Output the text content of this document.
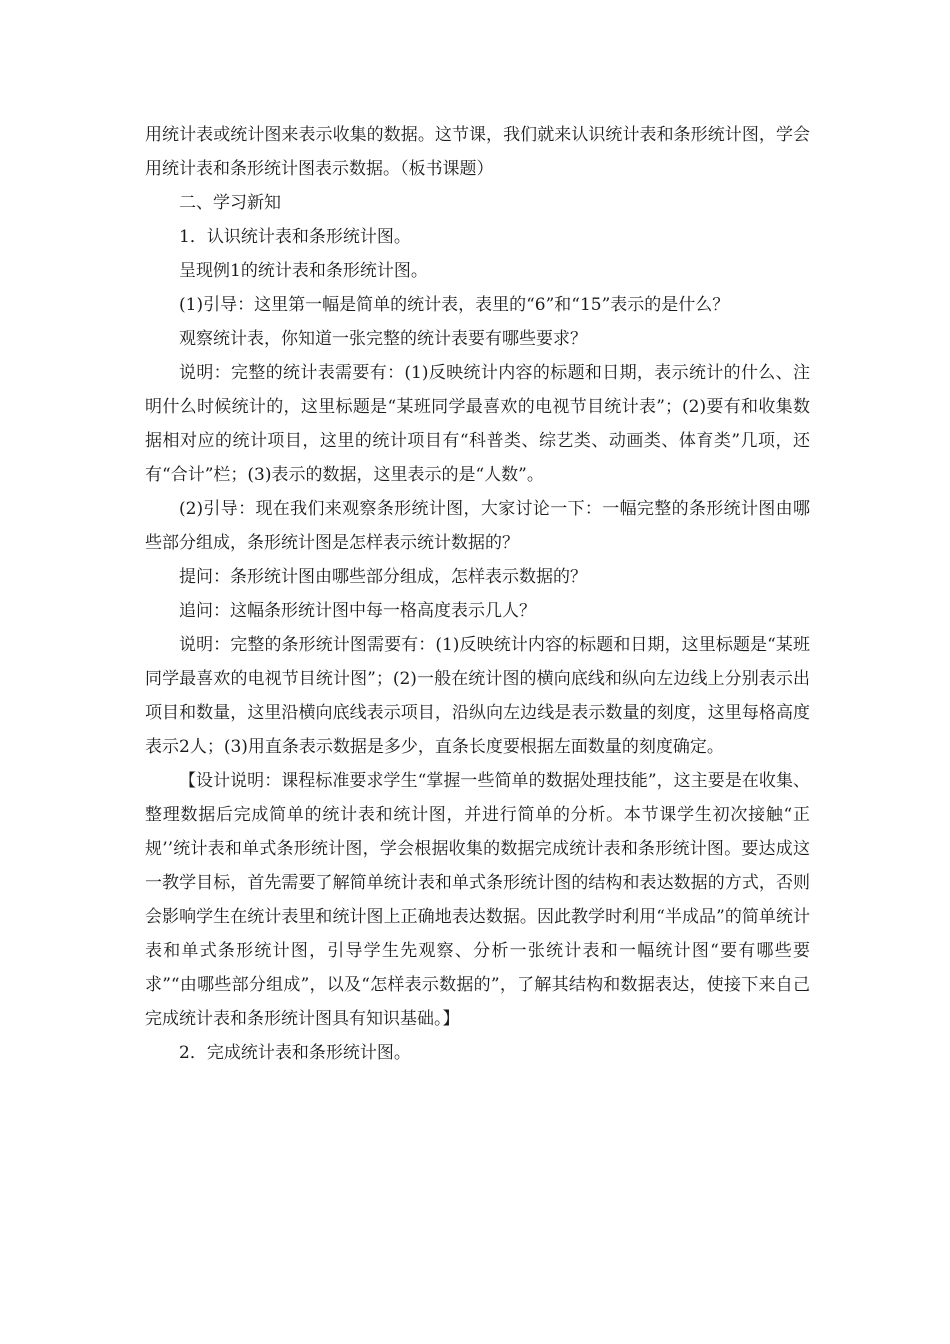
用统计表或统计图来表示收集的数据。这节课，我们就来认识统计表和条形统计图，学会用统计表和条形统计图表示数据。（板书课题）

二、学习新知

1．认识统计表和条形统计图。

呈现例1的统计表和条形统计图。

(1)引导：这里第一幅是简单的统计表，表里的“6”和“15”表示的是什么？

观察统计表，你知道一张完整的统计表要有哪些要求？

说明：完整的统计表需要有：(1)反映统计内容的标题和日期，表示统计的什么、注明什么时候统计的，这里标题是“某班同学最喜欢的电视节目统计表”；(2)要有和收集数据相对应的统计项目，这里的统计项目有“科普类、综艺类、动画类、体育类”几项，还有“合计”栏；(3)表示的数据，这里表示的是“人数”。

(2)引导：现在我们来观察条形统计图，大家讨论一下：一幅完整的条形统计图由哪些部分组成，条形统计图是怎样表示统计数据的？

提问：条形统计图由哪些部分组成，怎样表示数据的？

追问：这幅条形统计图中每一格高度表示几人？

说明：完整的条形统计图需要有：(1)反映统计内容的标题和日期，这里标题是“某班同学最喜欢的电视节目统计图”；(2)一般在统计图的横向底线和纵向左边线上分别表示出项目和数量，这里沿横向底线表示项目，沿纵向左边线是表示数量的刻度，这里每格高度表示2人；(3)用直条表示数据是多少，直条长度要根据左面数量的刻度确定。

【设计说明：课程标准要求学生“掌握一些简单的数据处理技能”，这主要是在收集、整理数据后完成简单的统计表和统计图，并进行简单的分析。本节课学生初次接触“正规’’统计表和单式条形统计图，学会根据收集的数据完成统计表和条形统计图。要达成这一教学目标，首先需要了解简单统计表和单式条形统计图的结构和表达数据的方式，否则会影响学生在统计表里和统计图上正确地表达数据。因此教学时利用“半成品”的简单统计表和单式条形统计图，引导学生先观察、分析一张统计表和一幅统计图“要有哪些要求”“由哪些部分组成”，以及“怎样表示数据的”，了解其结构和数据表达，使接下来自己完成统计表和条形统计图具有知识基础。】

2．完成统计表和条形统计图。
